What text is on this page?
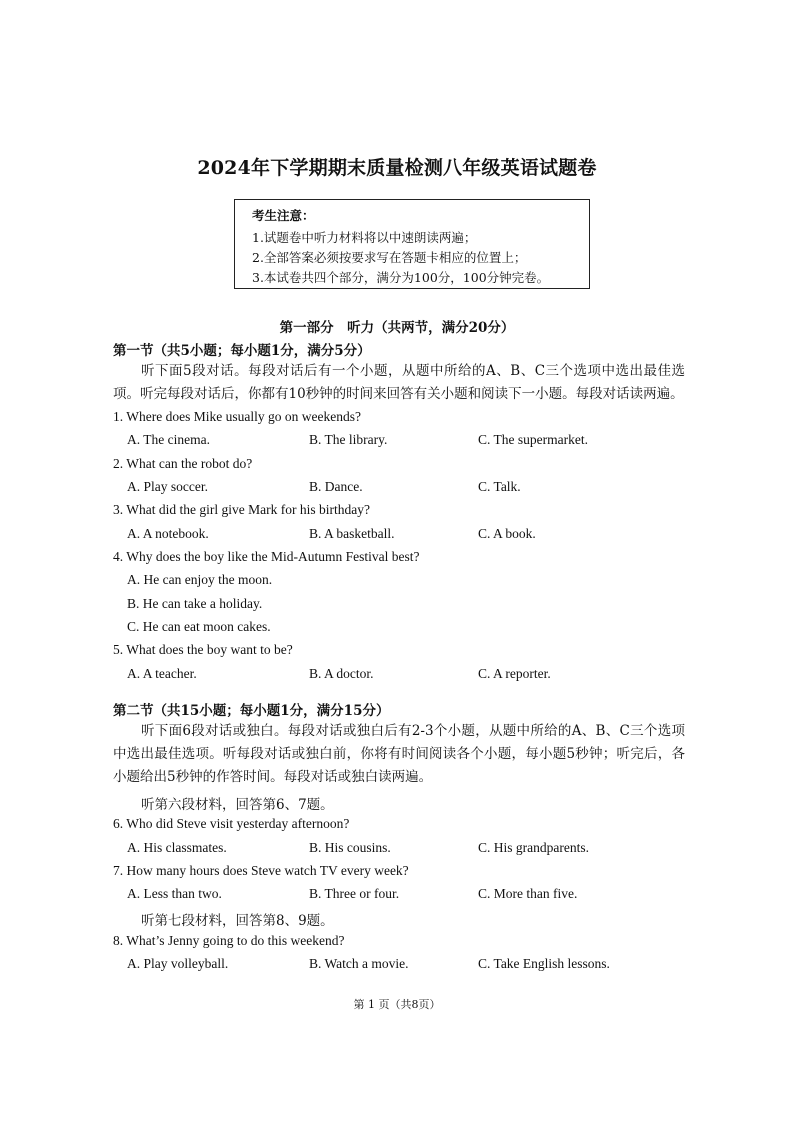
2024年下学期期末质量检测八年级英语试题卷
考生注意：
1.试题卷中听力材料将以中速朗读两遍；
2.全部答案必须按要求写在答题卡相应的位置上；
3.本试卷共四个部分，满分为100分，100分钟完卷。
第一部分　听力（共两节，满分20分）
第一节（共5小题；每小题1分，满分5分）
听下面5段对话。每段对话后有一个小题，从题中所给的A、B、C三个选项中选出最佳选项。听完每段对话后，你都有10秒钟的时间来回答有关小题和阅读下一小题。每段对话读两遍。
1. Where does Mike usually go on weekends?
A. The cinema.	B. The library.	C. The supermarket.
2. What can the robot do?
A. Play soccer.	B. Dance.	C. Talk.
3. What did the girl give Mark for his birthday?
A. A notebook.	B. A basketball.	C. A book.
4. Why does the boy like the Mid-Autumn Festival best?
A. He can enjoy the moon.
B. He can take a holiday.
C. He can eat moon cakes.
5. What does the boy want to be?
A. A teacher.	B. A doctor.	C. A reporter.
第二节（共15小题；每小题1分，满分15分）
听下面6段对话或独白。每段对话或独白后有2-3个小题，从题中所给的A、B、C三个选项中选出最佳选项。听每段对话或独白前，你将有时间阅读各个小题，每小题5秒钟；听完后，各小题给出5秒钟的作答时间。每段对话或独白读两遍。
听第六段材料，回答第6、7题。
6. Who did Steve visit yesterday afternoon?
A. His classmates.	B. His cousins.	C. His grandparents.
7. How many hours does Steve watch TV every week?
A. Less than two.	B. Three or four.	C. More than five.
听第七段材料，回答第8、9题。
8. What’s Jenny going to do this weekend?
A. Play volleyball.	B. Watch a movie.	C. Take English lessons.
第 1 页（共8页）
